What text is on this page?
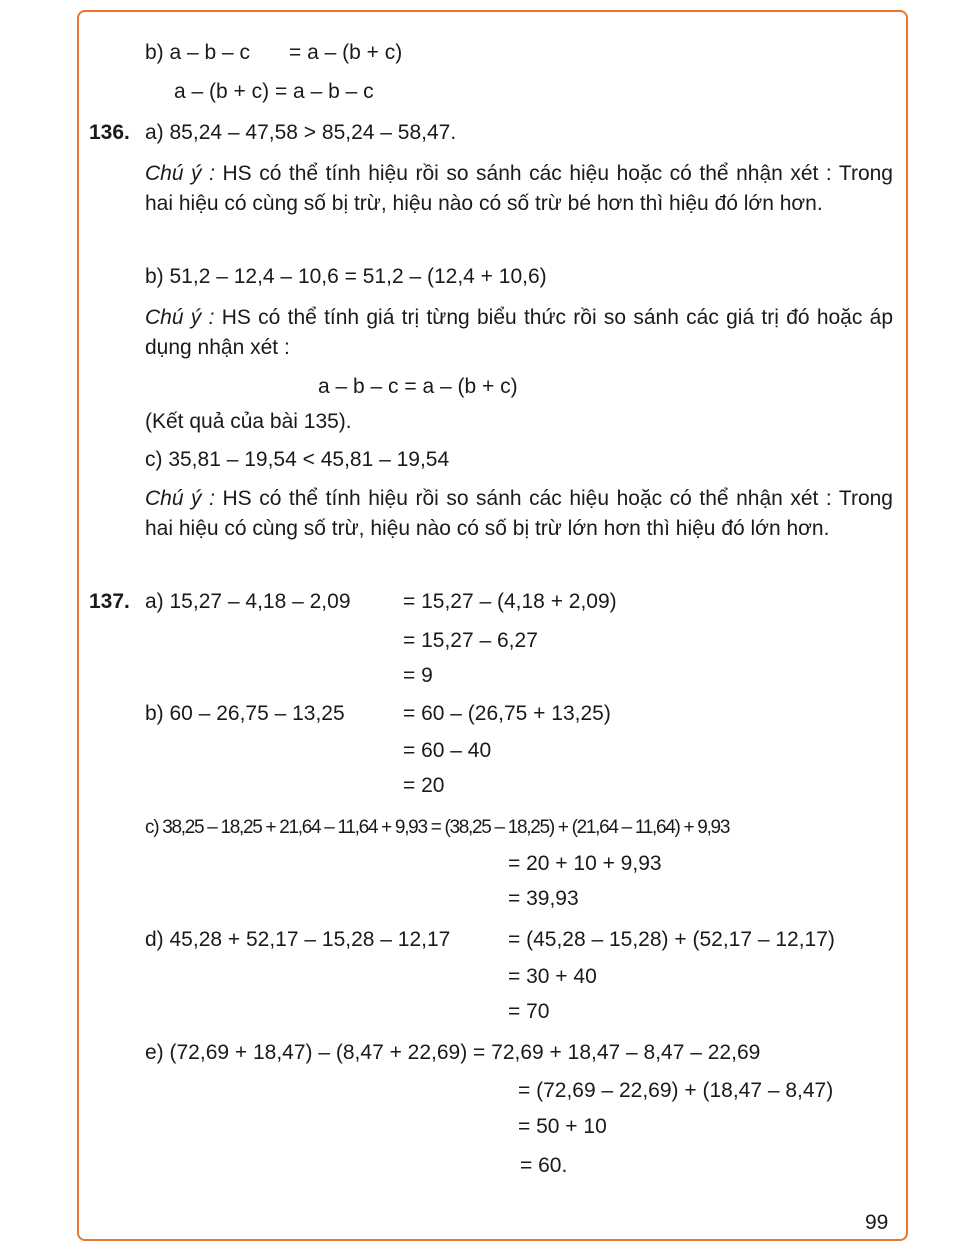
b) a – b – c = a – (b + c)
a – (b + c) = a – b – c
136. a) 85,24 – 47,58 > 85,24 – 58,47.
Chú ý : HS có thể tính hiệu rồi so sánh các hiệu hoặc có thể nhận xét : Trong hai hiệu có cùng số bị trừ, hiệu nào có số trừ bé hơn thì hiệu đó lớn hơn.
b) 51,2 – 12,4 – 10,6 = 51,2 – (12,4 + 10,6)
Chú ý : HS có thể tính giá trị từng biểu thức rồi so sánh các giá trị đó hoặc áp dụng nhận xét :
a – b – c = a – (b + c)
(Kết quả của bài 135).
c) 35,81 – 19,54 < 45,81 – 19,54
Chú ý : HS có thể tính hiệu rồi so sánh các hiệu hoặc có thể nhận xét : Trong hai hiệu có cùng số trừ, hiệu nào có số bị trừ lớn hơn thì hiệu đó lớn hơn.
137. a) 15,27 – 4,18 – 2,09	= 15,27 – (4,18 + 2,09)
= 15,27 – 6,27
= 9
b) 60 – 26,75 – 13,25	= 60 – (26,75 + 13,25)
= 60 – 40
= 20
c) 38,25 – 18,25 + 21,64 – 11,64 + 9,93 = (38,25 – 18,25) + (21,64 – 11,64) + 9,93
= 20 + 10 + 9,93
= 39,93
d) 45,28 + 52,17 – 15,28 – 12,17	= (45,28 – 15,28) + (52,17 – 12,17)
= 30 + 40
= 70
e) (72,69 + 18,47) – (8,47 + 22,69) = 72,69 + 18,47 – 8,47 – 22,69
= (72,69 – 22,69) + (18,47 – 8,47)
= 50 + 10
= 60.
99
